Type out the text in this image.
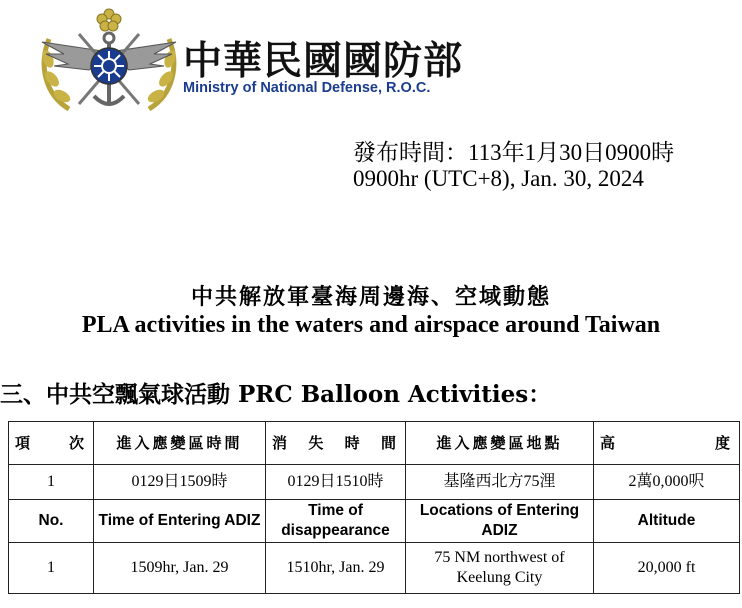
中華民國國防部
Ministry of National Defense, R.O.C.
發布時間：113年1月30日0900時
0900hr (UTC+8), Jan. 30, 2024
中共解放軍臺海周邊海、空域動態
PLA activities in the waters and airspace around Taiwan
三、中共空飄氣球活動 PRC Balloon Activities：
項　次	進入應變區時間	消　失　時　間	進入應變區地點	高　　度

1	0129日1509時	0129日1510時	基隆西北方75浬	2萬0,000呎
No.	Time of Entering ADIZ	Time of disappearance	Locations of Entering ADIZ	Altitude
1	1509hr, Jan. 29	1510hr, Jan. 29	75 NM northwest of Keelung City	20,000 ft
